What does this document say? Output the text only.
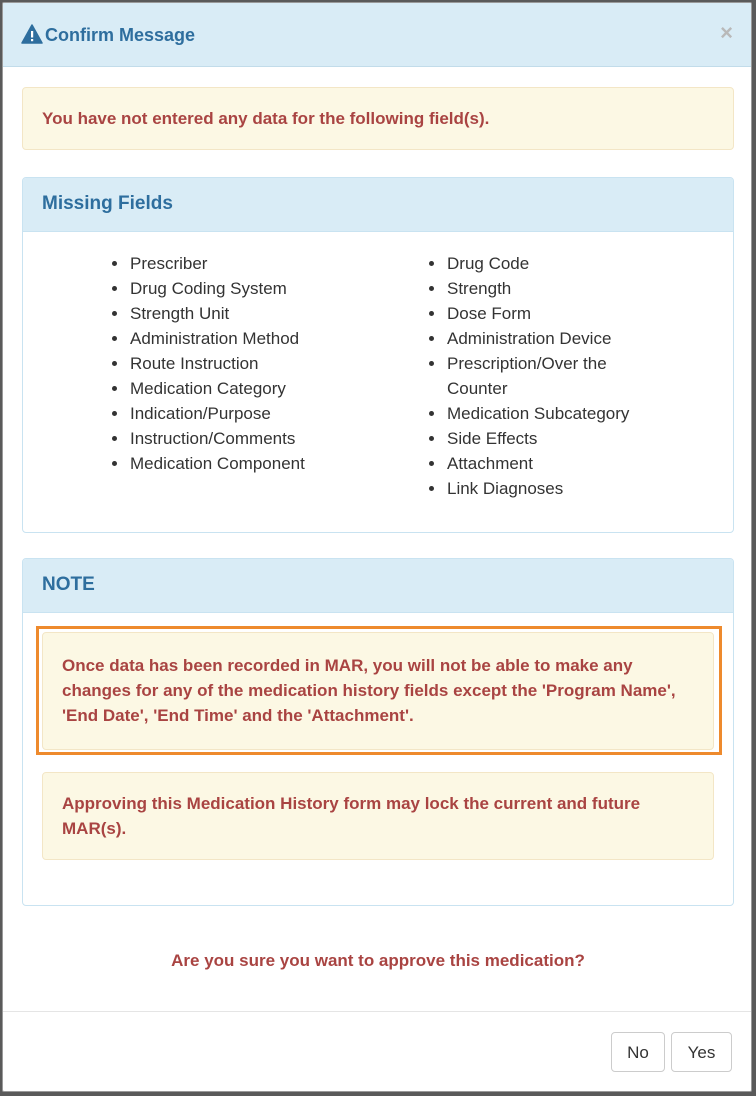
Confirm Message	×
You have not entered any data for the following field(s).
Missing Fields
Prescriber
Drug Coding System
Strength Unit
Administration Method
Route Instruction
Medication Category
Indication/Purpose
Instruction/Comments
Medication Component
Drug Code
Strength
Dose Form
Administration Device
Prescription/Over the Counter
Medication Subcategory
Side Effects
Attachment
Link Diagnoses
NOTE
Once data has been recorded in MAR, you will not be able to make any changes for any of the medication history fields except the 'Program Name', 'End Date', 'End Time' and the 'Attachment'.
Approving this Medication History form may lock the current and future MAR(s).
Are you sure you want to approve this medication?
No	Yes
